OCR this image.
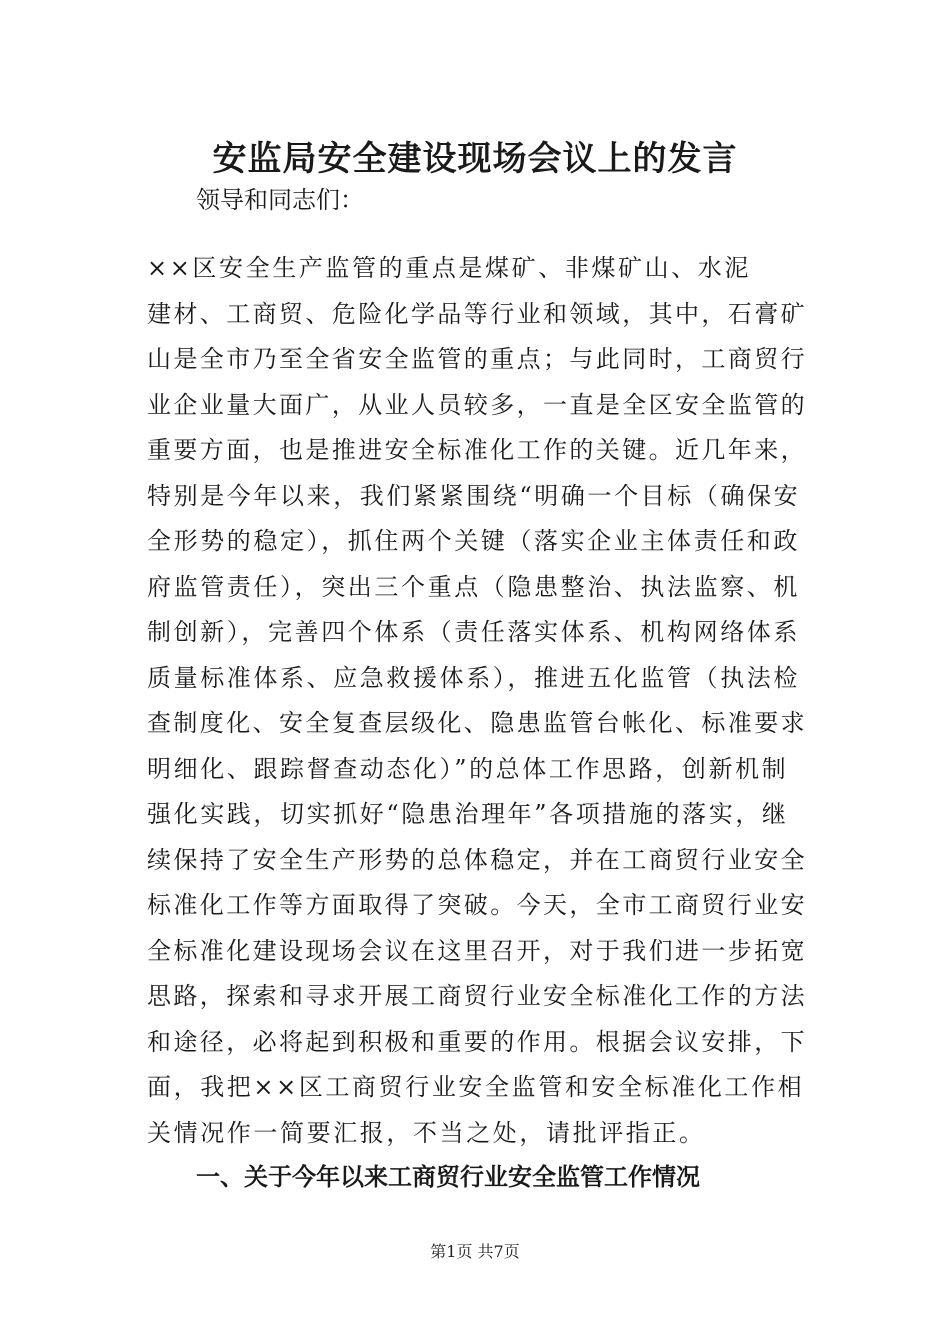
安监局安全建设现场会议上的发言

领导和同志们：

××区安全生产监管的重点是煤矿、非煤矿山、水泥
建材、工商贸、危险化学品等行业和领域，其中，石膏矿
山是全市乃至全省安全监管的重点；与此同时，工商贸行
业企业量大面广，从业人员较多，一直是全区安全监管的
重要方面，也是推进安全标准化工作的关键。近几年来，
特别是今年以来，我们紧紧围绕“明确一个目标（确保安
全形势的稳定），抓住两个关键（落实企业主体责任和政
府监管责任），突出三个重点（隐患整治、执法监察、机
制创新），完善四个体系（责任落实体系、机构网络体系
质量标准体系、应急救援体系），推进五化监管（执法检
查制度化、安全复查层级化、隐患监管台帐化、标准要求
明细化、跟踪督查动态化）”的总体工作思路，创新机制
强化实践，切实抓好“隐患治理年”各项措施的落实，继
续保持了安全生产形势的总体稳定，并在工商贸行业安全
标准化工作等方面取得了突破。今天，全市工商贸行业安
全标准化建设现场会议在这里召开，对于我们进一步拓宽
思路，探索和寻求开展工商贸行业安全标准化工作的方法
和途径，必将起到积极和重要的作用。根据会议安排，下
面，我把××区工商贸行业安全监管和安全标准化工作相
关情况作一简要汇报，不当之处，请批评指正。
一、关于今年以来工商贸行业安全监管工作情况
第1页 共7页
